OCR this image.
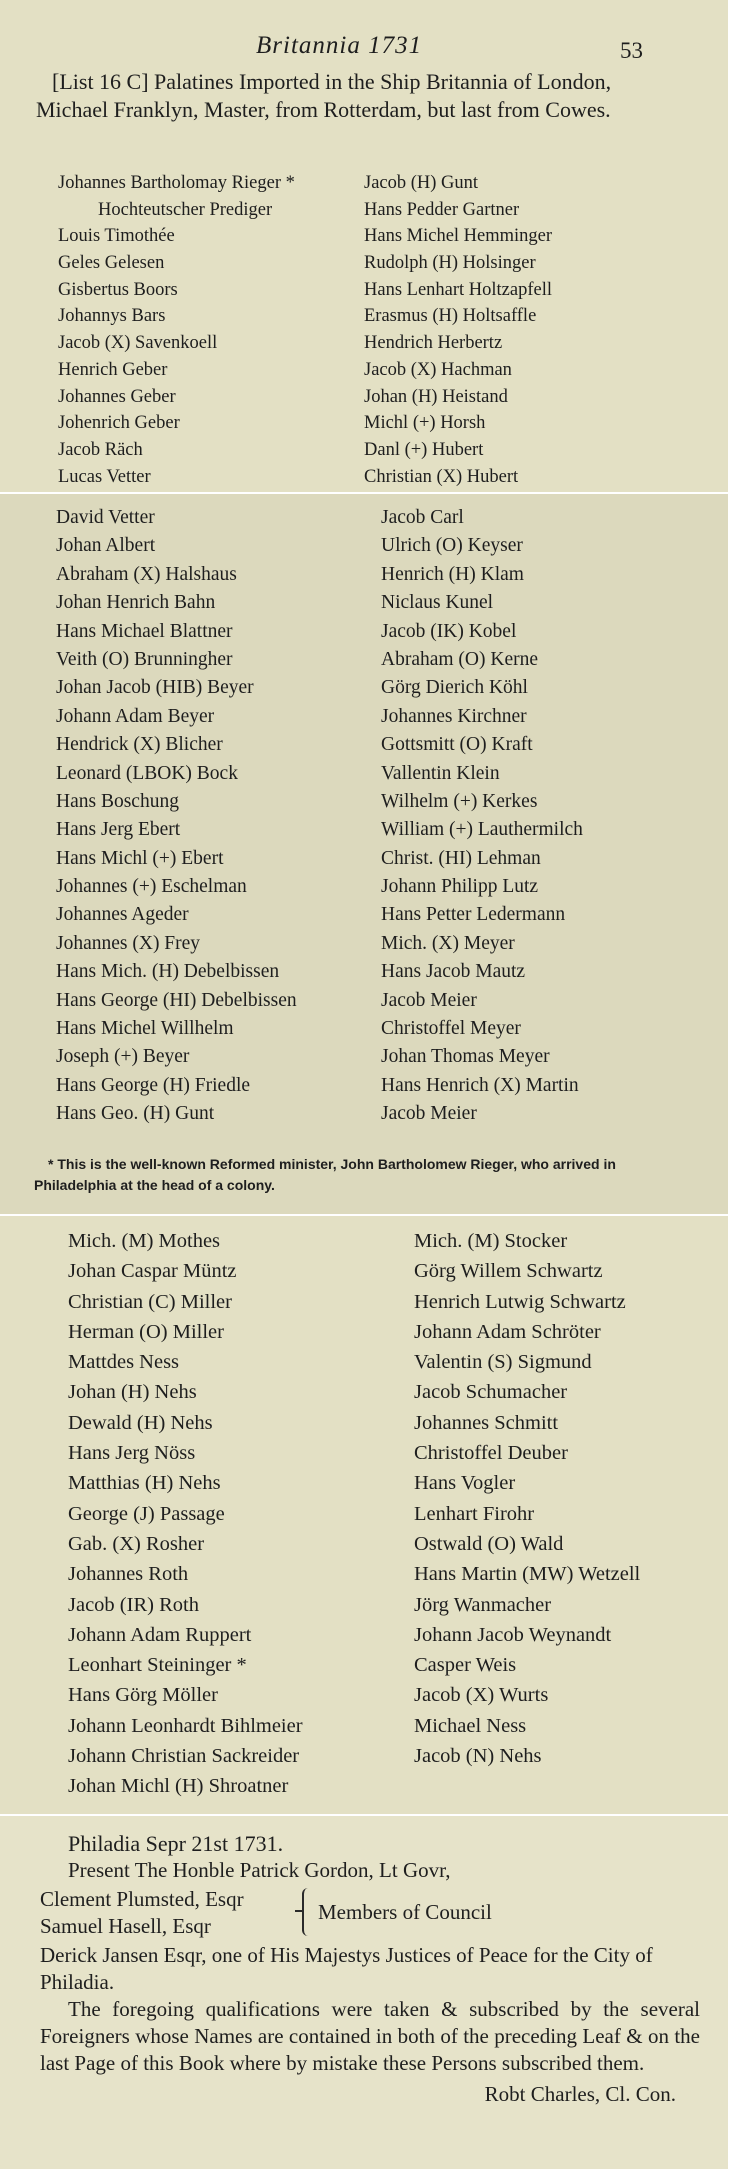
Britannia 1731	53

[List 16 C] Palatines Imported in the Ship Britannia of London, Michael Franklyn, Master, from Rotterdam, but last from Cowes.

Johannes Bartholomay Rieger *
Hochteutscher Prediger
Louis Timothée
Geles Gelesen
Gisbertus Boors
Johannys Bars
Jacob (X) Savenkoell
Henrich Geber
Johannes Geber
Johenrich Geber
Jacob Räch
Lucas Vetter
Jacob (H) Gunt
Hans Pedder Gartner
Hans Michel Hemminger
Rudolph (H) Holsinger
Hans Lenhart Holtzapfell
Erasmus (H) Holtsaffle
Hendrich Herbertz
Jacob (X) Hachman
Johan (H) Heistand
Michl (+) Horsh
Danl (+) Hubert
Christian (X) Hubert
David Vetter
Johan Albert
Abraham (X) Halshaus
Johan Henrich Bahn
Hans Michael Blattner
Veith (O) Brunningher
Johan Jacob (HIB) Beyer
Johann Adam Beyer
Hendrick (X) Blicher
Leonard (LBOK) Bock
Hans Boschung
Hans Jerg Ebert
Hans Michl (+) Ebert
Johannes (+) Eschelman
Johannes Ageder
Johannes (X) Frey
Hans Mich. (H) Debelbissen
Hans George (HI) Debelbissen
Hans Michel Willhelm
Joseph (+) Beyer
Hans George (H) Friedle
Hans Geo. (H) Gunt
Jacob Carl
Ulrich (O) Keyser
Henrich (H) Klam
Niclaus Kunel
Jacob (IK) Kobel
Abraham (O) Kerne
Görg Dierich Köhl
Johannes Kirchner
Gottsmitt (O) Kraft
Vallentin Klein
Wilhelm (+) Kerkes
William (+) Lauthermilch
Christ. (HI) Lehman
Johann Philipp Lutz
Hans Petter Ledermann
Mich. (X) Meyer
Hans Jacob Mautz
Jacob Meier
Christoffel Meyer
Johan Thomas Meyer
Hans Henrich (X) Martin
Jacob Meier
* This is the well-known Reformed minister, John Bartholomew Rieger, who arrived in Philadelphia at the head of a colony.
Mich. (M) Mothes
Johan Caspar Müntz
Christian (C) Miller
Herman (O) Miller
Mattdes Ness
Johan (H) Nehs
Dewald (H) Nehs
Hans Jerg Nöss
Matthias (H) Nehs
George (J) Passage
Gab. (X) Rosher
Johannes Roth
Jacob (IR) Roth
Johann Adam Ruppert
Leonhart Steininger *
Hans Görg Möller
Johann Leonhardt Bihlmeier
Johann Christian Sackreider
Johan Michl (H) Shroatner
Mich. (M) Stocker
Görg Willem Schwartz
Henrich Lutwig Schwartz
Johann Adam Schröter
Valentin (S) Sigmund
Jacob Schumacher
Johannes Schmitt
Christoffel Deuber
Hans Vogler
Lenhart Firohr
Ostwald (O) Wald
Hans Martin (MW) Wetzell
Jörg Wanmacher
Johann Jacob Weynandt
Casper Weis
Jacob (X) Wurts
Michael Ness
Jacob (N) Nehs

Philadia Sepr 21st 1731.

Present The Honble Patrick Gordon, Lt Govr,

Clement Plumsted, Esqr
Samuel Hasell, Esqr
Members of Council

Derick Jansen Esqr, one of His Majestys Justices of Peace for the City of Philadia.

The foregoing qualifications were taken & subscribed by the several Foreigners whose Names are contained in both of the preceding Leaf & on the last Page of this Book where by mistake these Persons subscribed them.

Robt Charles, Cl. Con.
